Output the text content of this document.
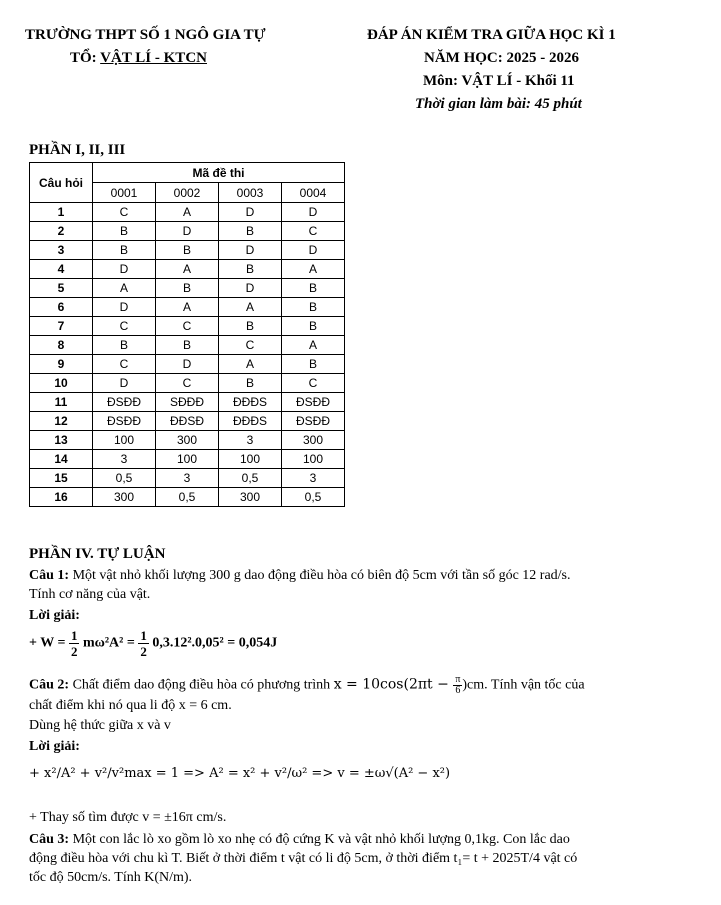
TRƯỜNG THPT SỐ 1 NGÔ GIA TỰ
TỔ: VẬT LÍ - KTCN
ĐÁP ÁN KIỂM TRA GIỮA HỌC KÌ 1
NĂM HỌC: 2025 - 2026
Môn: VẬT LÍ - Khối 11
Thời gian làm bài: 45 phút
PHẦN I, II, III
Câu hỏi	Mã đề thi			
	0001	0002	0003	0004
1	C	A	D	D
2	B	D	B	C
3	B	B	D	D
4	D	A	B	A
5	A	B	D	B
6	D	A	A	B
7	C	C	B	B
8	B	B	C	A
9	C	D	A	B
10	D	C	B	C
11	ĐSĐĐ	SĐĐĐ	ĐĐĐS	ĐSĐĐ
12	ĐSĐĐ	ĐĐSĐ	ĐĐĐS	ĐSĐĐ
13	100	300	3	300
14	3	100	100	100
15	0,5	3	0,5	3
16	300	0,5	300	0,5
PHẦN IV. TỰ LUẬN
Câu 1: Một vật nhỏ khối lượng 300 g dao động điều hòa có biên độ 5cm với tần số góc 12 rad/s.
Tính cơ năng của vật.
Lời giải:
+ $W = \frac{1}{2} m\omega^2A^2 = \frac{1}{2} 0,3.12^2.0,05^2 = 0,054J$
Câu 2: Chất điểm dao động điều hòa có phương trình $x = 10\cos(2\pi t - \frac{\pi}{6} )cm$. Tính vận tốc của
chất điểm khi nó qua li độ x = 6 cm.
Dùng hệ thức giữa x và v
Lời giải:
+ x²/A² + v²/v²max = 1 => A² = x² + v²/ω² => v = ±ω√(A² − x²)
+ Thay số tìm được v = ±16π cm/s.
Câu 3: Một con lắc lò xo gồm lò xo nhẹ có độ cứng K và vật nhỏ khối lượng 0,1kg. Con lắc dao
động điều hòa với chu kì T. Biết ở thời điểm t vật có li độ 5cm, ở thời điểm t₁= t + 2025T/4 vật có
tốc độ 50cm/s. Tính K(N/m).
